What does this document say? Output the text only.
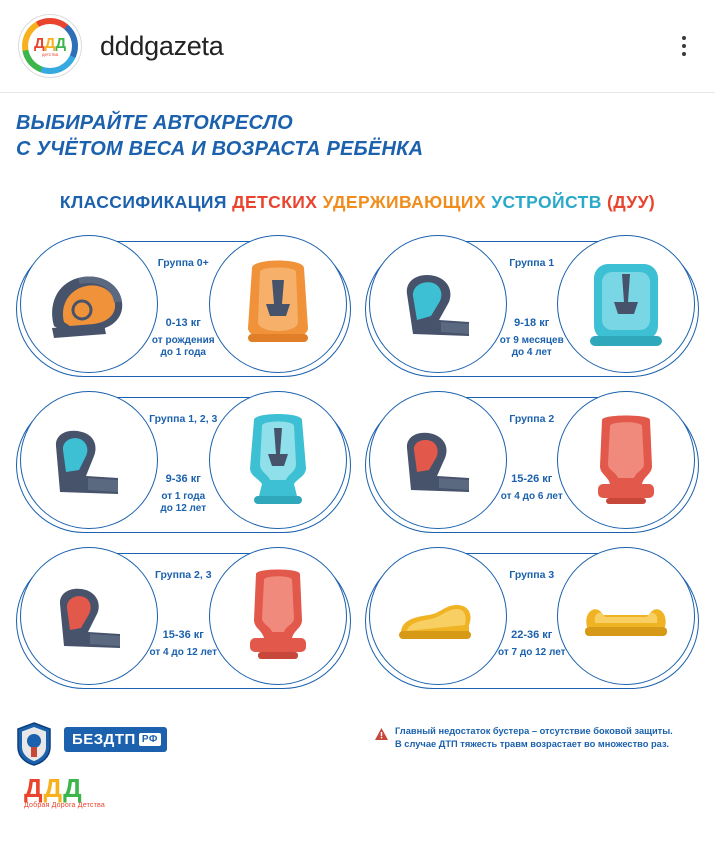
ДДД
детства dddgazeta
ВЫБИРАЙТЕ АВТОКРЕСЛО
С УЧЁТОМ ВЕСА И ВОЗРАСТА РЕБЁНКА
КЛАССИФИКАЦИЯ ДЕТСКИХ УДЕРЖИВАЮЩИХ УСТРОЙСТВ (ДУУ)
Группа 0+
0-13 кг
от рождения
до 1 года
Группа 1
9-18 кг
от 9 месяцев
до 4 лет
Группа 1, 2, 3
9-36 кг
от 1 года
до 12 лет
Группа 2
15-26 кг
от 4 до 6 лет
Группа 2, 3
15-36 кг
от 4 до 12 лет
Группа 3
22-36 кг
от 7 до 12 лет
БЕЗДТП РФ
ДДД
Добрая Дорога Детства
Главный недостаток бустера – отсутствие боковой защиты.
В случае ДТП тяжесть травм возрастает во множество раз.
